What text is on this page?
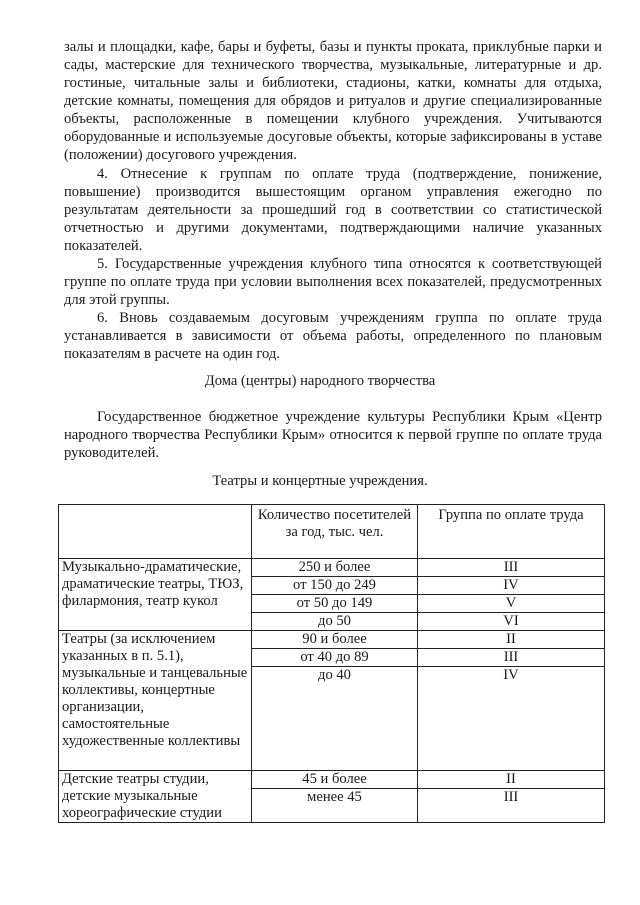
залы и площадки, кафе, бары и буфеты, базы и пункты проката, приклубные парки и сады, мастерские для технического творчества, музыкальные, литературные и др. гостиные, читальные залы и библиотеки, стадионы, катки, комнаты для отдыха, детские комнаты, помещения для обрядов и ритуалов и другие специализированные объекты, расположенные в помещении клубного учреждения. Учитываются оборудованные и используемые досуговые объекты, которые зафиксированы в уставе (положении) досугового учреждения.

4. Отнесение к группам по оплате труда (подтверждение, понижение, повышение) производится вышестоящим органом управления ежегодно по результатам деятельности за прошедший год в соответствии со статистической отчетностью и другими документами, подтверждающими наличие указанных показателей.

5. Государственные учреждения клубного типа относятся к соответствующей группе по оплате труда при условии выполнения всех показателей, предусмотренных для этой группы.

6. Вновь создаваемым досуговым учреждениям группа по оплате труда устанавливается в зависимости от объема работы, определенного по плановым показателям в расчете на один год.

Дома (центры) народного творчества

Государственное бюджетное учреждение культуры Республики Крым «Центр народного творчества Республики Крым» относится к первой группе по оплате труда руководителей.

Театры и концертные учреждения.

	Количество посетителей за год, тыс. чел.	Группа по оплате труда
Музыкально-драматические, драматические театры, ТЮЗ, филармония, театр кукол	250 и более	III
	от 150 до 249	IV
	от 50 до 149	V
	до 50	VI
Театры (за исключением указанных в п. 5.1), музыкальные и танцевальные коллективы, концертные организации, самостоятельные художественные коллективы	90 и более	II
	от 40 до 89	III
	до 40	IV
Детские театры студии, детские музыкальные хореографические студии	45 и более	II
	менее 45	III
